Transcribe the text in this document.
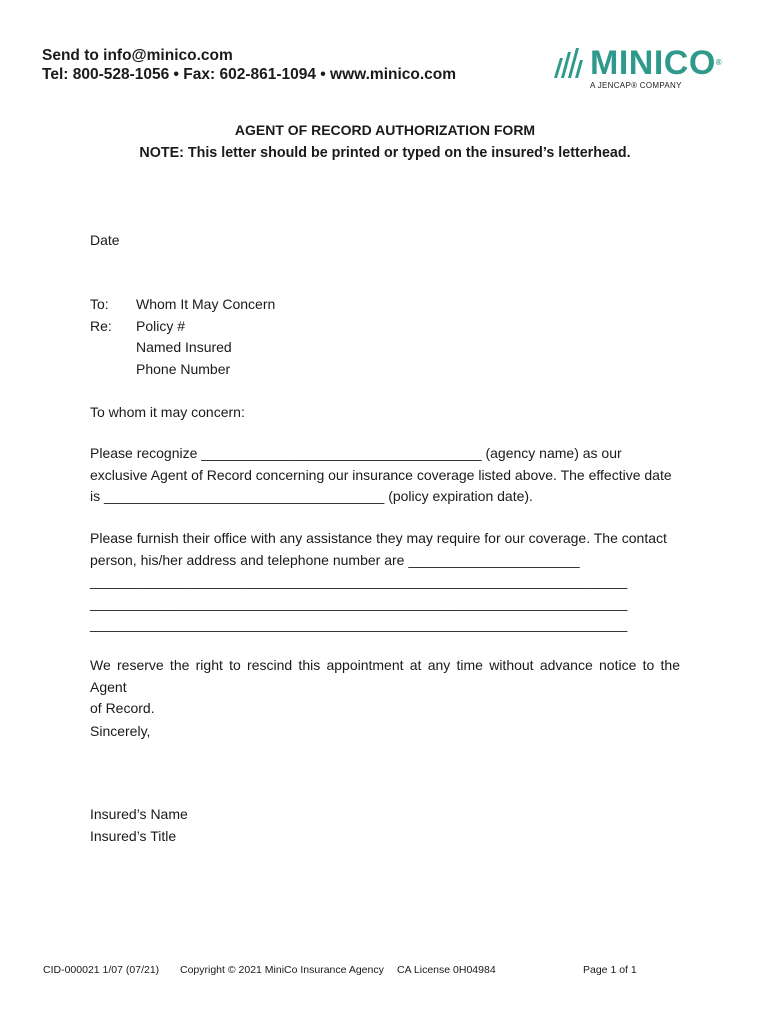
Send to info@minico.com
Tel: 800-528-1056 • Fax: 602-861-1094 • www.minico.com	MINICO®
A JENCAP® COMPANY
AGENT OF RECORD AUTHORIZATION FORM
NOTE: This letter should be printed or typed on the insured’s letterhead.
Date
To:
Re:
Whom It May Concern
Policy #
Named Insured
Phone Number
To whom it may concern:
Please recognize ____________________________________ (agency name) as our
exclusive Agent of Record concerning our insurance coverage listed above. The effective date
is ____________________________________ (policy expiration date).
Please furnish their office with any assistance they may require for our coverage. The contact
person, his/her address and telephone number are ______________________
_____________________________________________________________________
_____________________________________________________________________
_____________________________________________________________________
We reserve the right to rescind this appointment at any time without advance notice to the Agent
of Record.
Sincerely,
Insured’s Name
Insured’s Title
CID-000021 1/07 (07/21) Copyright © 2021 MiniCo Insurance Agency CA License 0H04984	Page 1 of 1
